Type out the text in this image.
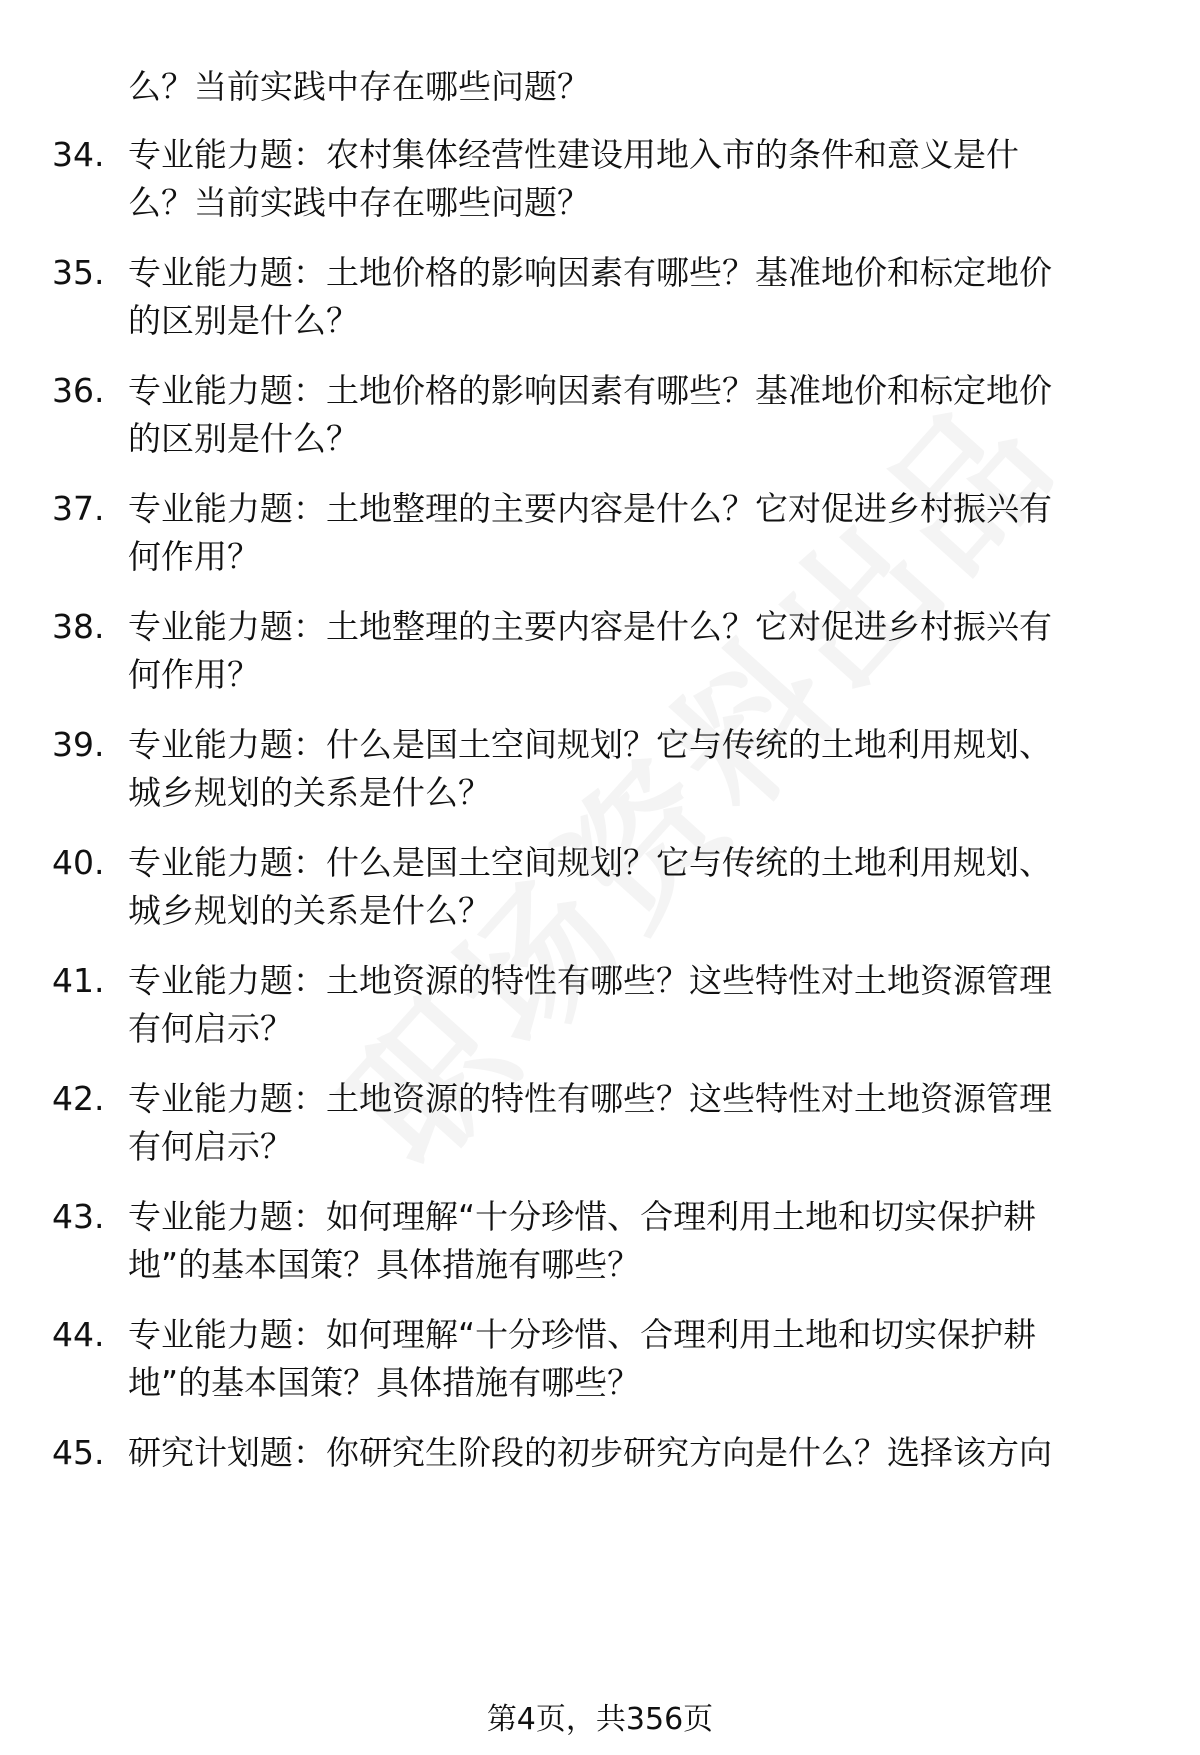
么？当前实践中存在哪些问题？
34. 专业能力题：农村集体经营性建设用地入市的条件和意义是什
么？当前实践中存在哪些问题？
35. 专业能力题：土地价格的影响因素有哪些？基准地价和标定地价
的区别是什么？
36. 专业能力题：土地价格的影响因素有哪些？基准地价和标定地价
的区别是什么？
37. 专业能力题：土地整理的主要内容是什么？它对促进乡村振兴有
何作用？
38. 专业能力题：土地整理的主要内容是什么？它对促进乡村振兴有
何作用？
39. 专业能力题：什么是国土空间规划？它与传统的土地利用规划、
城乡规划的关系是什么？
40. 专业能力题：什么是国土空间规划？它与传统的土地利用规划、
城乡规划的关系是什么？
41. 专业能力题：土地资源的特性有哪些？这些特性对土地资源管理
有何启示？
42. 专业能力题：土地资源的特性有哪些？这些特性对土地资源管理
有何启示？
43. 专业能力题：如何理解“十分珍惜、合理利用土地和切实保护耕
地”的基本国策？具体措施有哪些？
44. 专业能力题：如何理解“十分珍惜、合理利用土地和切实保护耕
地”的基本国策？具体措施有哪些？
45. 研究计划题：你研究生阶段的初步研究方向是什么？选择该方向
第4页，共356页
